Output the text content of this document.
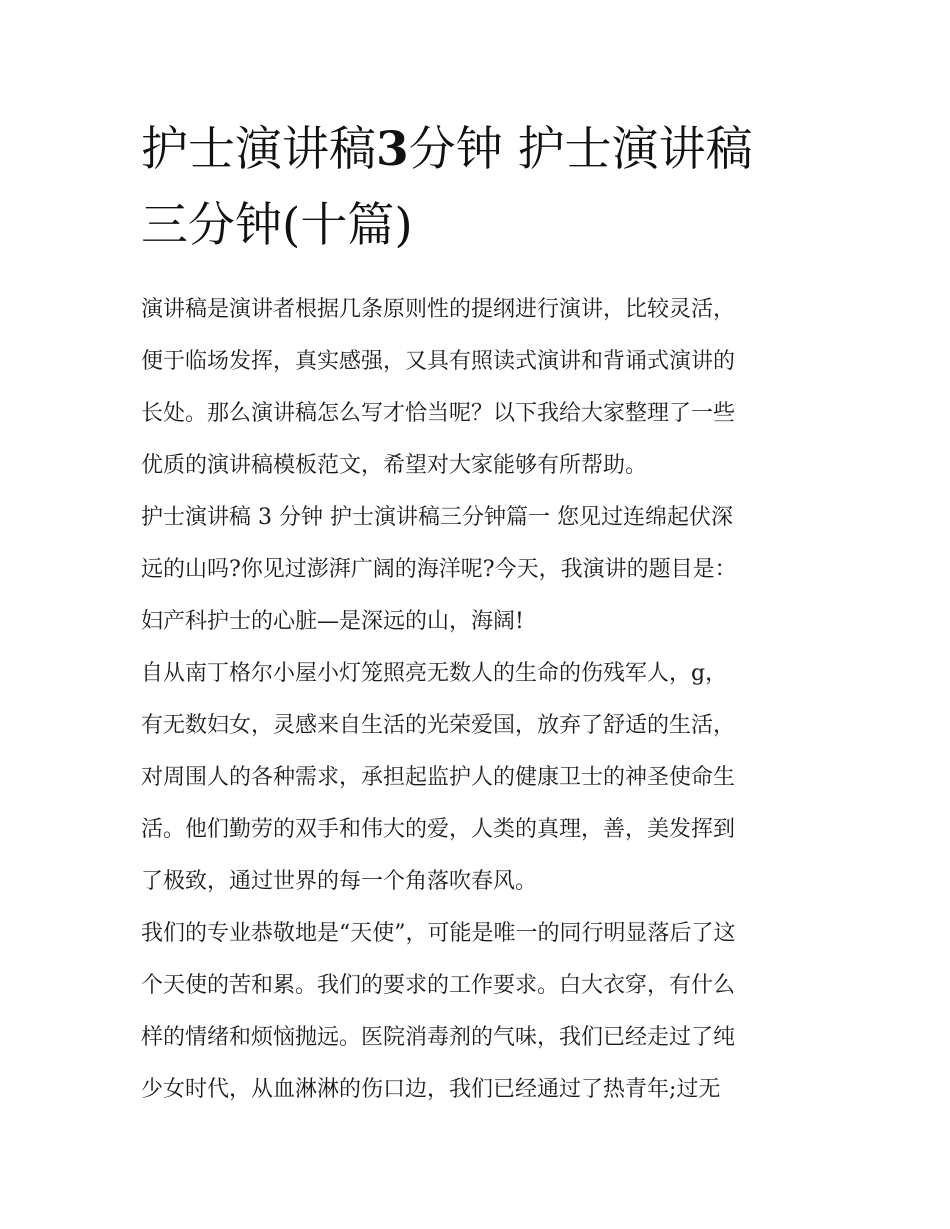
护士演讲稿3分钟 护士演讲稿
三分钟(十篇)

演讲稿是演讲者根据几条原则性的提纲进行演讲，比较灵活，
便于临场发挥，真实感强，又具有照读式演讲和背诵式演讲的
长处。那么演讲稿怎么写才恰当呢？以下我给大家整理了一些
优质的演讲稿模板范文，希望对大家能够有所帮助。

护士演讲稿 3 分钟 护士演讲稿三分钟篇一 您见过连绵起伏深
远的山吗?你见过澎湃广阔的海洋呢?今天，我演讲的题目是：
妇产科护士的心脏—是深远的山，海阔!

自从南丁格尔小屋小灯笼照亮无数人的生命的伤残军人，g，
有无数妇女，灵感来自生活的光荣爱国，放弃了舒适的生活，
对周围人的各种需求，承担起监护人的健康卫士的神圣使命生
活。他们勤劳的双手和伟大的爱，人类的真理，善，美发挥到
了极致，通过世界的每一个角落吹春风。

我们的专业恭敬地是“天使”，可能是唯一的同行明显落后了这
个天使的苦和累。我们的要求的工作要求。白大衣穿，有什么
样的情绪和烦恼抛远。医院消毒剂的气味，我们已经走过了纯
少女时代，从血淋淋的伤口边，我们已经通过了热青年;过无
